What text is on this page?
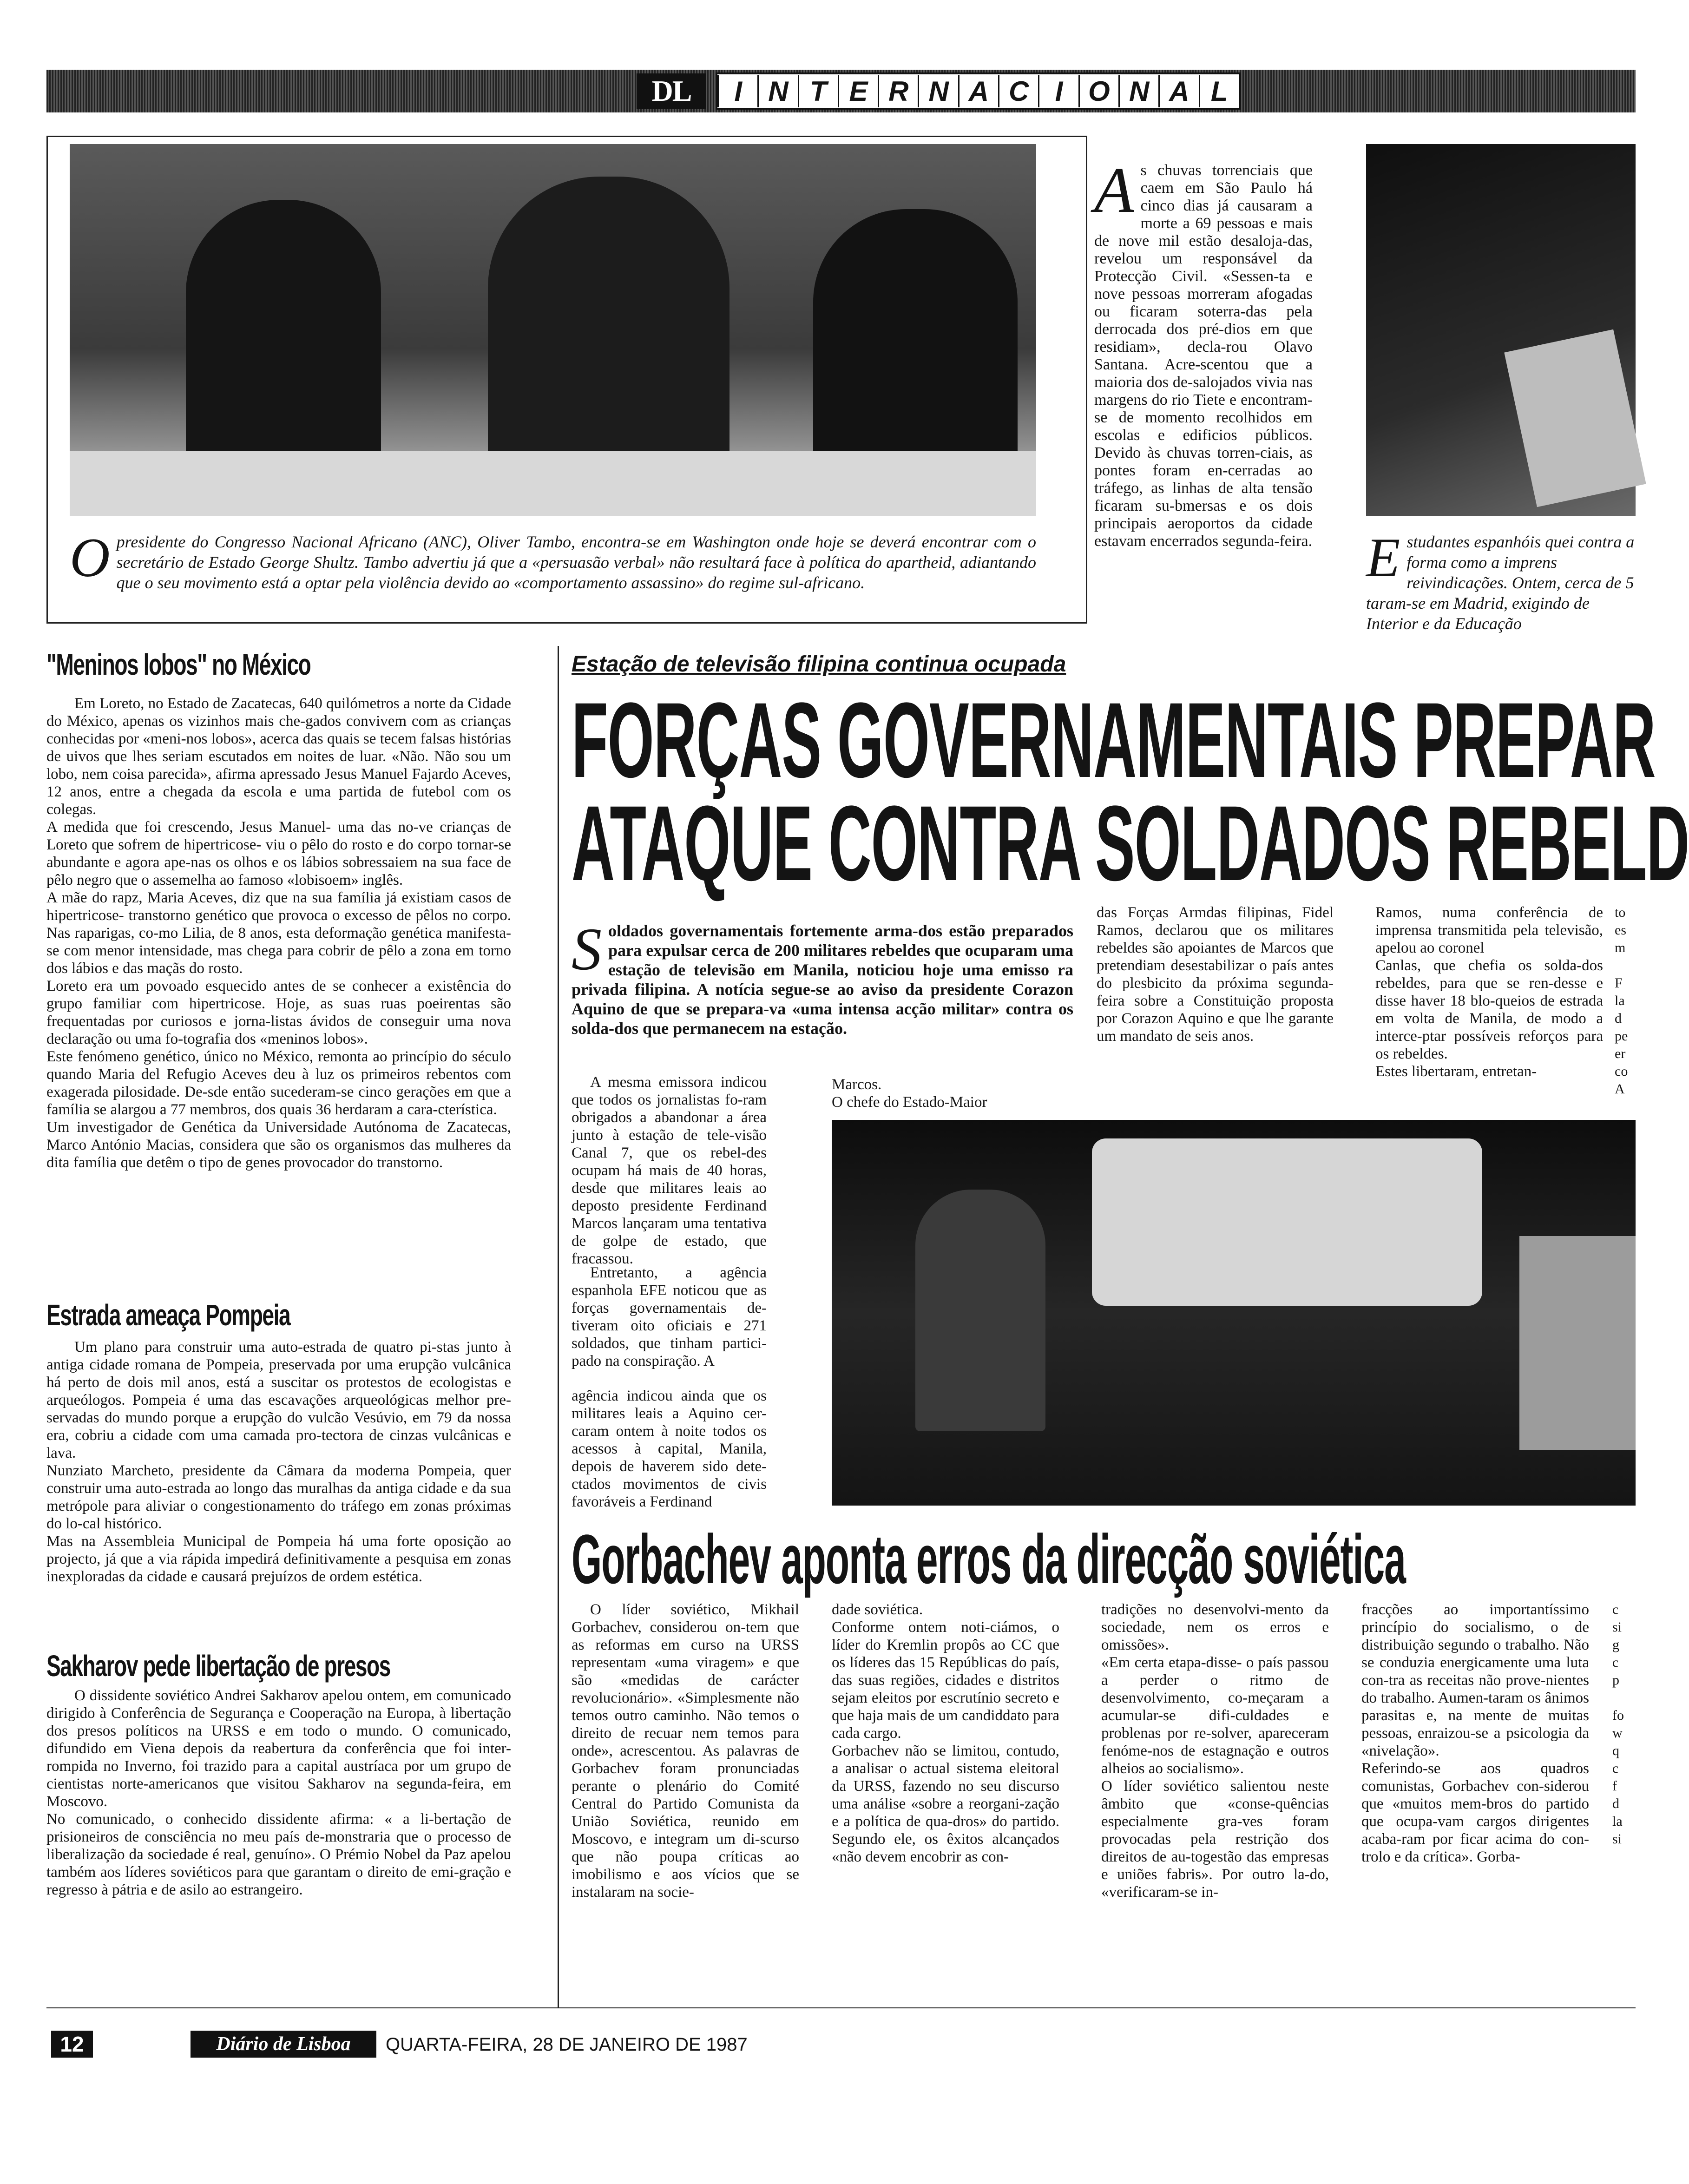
DL	I N T E R N A C I O N A L

Opresidente do Congresso Nacional Africano (ANC), Oliver Tambo, encontra-se em Washington onde hoje se deverá encontrar com o secretário de Estado George Shultz. Tambo advertiu já que a «persuasão verbal» não resultará face à política do apartheid, adiantando que o seu movimento está a optar pela violência devido ao «comportamento assassino» do regime sul-africano.

As chuvas torrenciais que caem em São Paulo há cinco dias já causaram a morte a 69 pessoas e mais de nove mil estão desaloja-das, revelou um responsável da Protecção Civil. «Sessen-ta e nove pessoas morreram afogadas ou ficaram soterra-das pela derrocada dos pré-dios em que residiam», decla-rou Olavo Santana. Acre-scentou que a maioria dos de-salojados vivia nas margens do rio Tiete e encontram-se de momento recolhidos em escolas e edificios públicos. Devido às chuvas torren-ciais, as pontes foram en-cerradas ao tráfego, as linhas de alta tensão ficaram su-bmersas e os dois principais aeroportos da cidade estavam encerrados segunda-feira. Estudantes espanhóis quei contra a forma como a imprens reivindicações. Ontem, cerca de 5 taram-se em Madrid, exigindo de Interior e da Educação

"Meninos lobos" no México
Em Loreto, no Estado de Zacatecas, 640 quilómetros a norte da Cidade do México, apenas os vizinhos mais che-gados convivem com as crianças conhecidas por «meni-nos lobos», acerca das quais se tecem falsas histórias de uivos que lhes seriam escutados em noites de luar. «Não. Não sou um lobo, nem coisa parecida», afirma apressado Jesus Manuel Fajardo Aceves, 12 anos, entre a chegada da escola e uma partida de futebol com os colegas.
A medida que foi crescendo, Jesus Manuel- uma das no-ve crianças de Loreto que sofrem de hipertricose- viu o pêlo do rosto e do corpo tornar-se abundante e agora ape-nas os olhos e os lábios sobressaiem na sua face de pêlo negro que o assemelha ao famoso «lobisoem» inglês.
A mãe do rapz, Maria Aceves, diz que na sua família já existiam casos de hipertricose- transtorno genético que provoca o excesso de pêlos no corpo. Nas raparigas, co-mo Lilia, de 8 anos, esta deformação genética manifesta-se com menor intensidade, mas chega para cobrir de pêlo a zona em torno dos lábios e das maçãs do rosto.
Loreto era um povoado esquecido antes de se conhecer a existência do grupo familiar com hipertricose. Hoje, as suas ruas poeirentas são frequentadas por curiosos e jorna-listas ávidos de conseguir uma nova declaração ou uma fo-tografia dos «meninos lobos».
Este fenómeno genético, único no México, remonta ao princípio do século quando Maria del Refugio Aceves deu à luz os primeiros rebentos com exagerada pilosidade. De-sde então sucederam-se cinco gerações em que a família se alargou a 77 membros, dos quais 36 herdaram a cara-cterística.
Um investigador de Genética da Universidade Autónoma de Zacatecas, Marco António Macias, considera que são os organismos das mulheres da dita família que detêm o tipo de genes provocador do transtorno.
Estrada ameaça Pompeia
Um plano para construir uma auto-estrada de quatro pi-stas junto à antiga cidade romana de Pompeia, preservada por uma erupção vulcânica há perto de dois mil anos, está a suscitar os protestos de ecologistas e arqueólogos. Pompeia é uma das escavações arqueológicas melhor pre-servadas do mundo porque a erupção do vulcão Vesúvio, em 79 da nossa era, cobriu a cidade com uma camada pro-tectora de cinzas vulcânicas e lava.
Nunziato Marcheto, presidente da Câmara da moderna Pompeia, quer construir uma auto-estrada ao longo das muralhas da antiga cidade e da sua metrópole para aliviar o congestionamento do tráfego em zonas próximas do lo-cal histórico.
Mas na Assembleia Municipal de Pompeia há uma forte oposição ao projecto, já que a via rápida impedirá definitivamente a pesquisa em zonas inexploradas da cidade e causará prejuízos de ordem estética.
Sakharov pede libertação de presos
O dissidente soviético Andrei Sakharov apelou ontem, em comunicado dirigido à Conferência de Segurança e Cooperação na Europa, à libertação dos presos políticos na URSS e em todo o mundo. O comunicado, difundido em Viena depois da reabertura da conferência que foi inter-rompida no Inverno, foi trazido para a capital austríaca por um grupo de cientistas norte-americanos que visitou Sakharov na segunda-feira, em Moscovo.
No comunicado, o conhecido dissidente afirma: « a li-bertação de prisioneiros de consciência no meu país de-monstraria que o processo de liberalização da sociedade é real, genuíno». O Prémio Nobel da Paz apelou também aos líderes soviéticos para que garantam o direito de emi-gração e regresso à pátria e de asilo ao estrangeiro.
Estação de televisão filipina continua ocupada
FORÇAS GOVERNAMENTAIS PREPAR
ATAQUE CONTRA SOLDADOS REBELD

Soldados governamentais fortemente arma-dos estão preparados para expulsar cerca de 200 militares rebeldes que ocuparam uma estação de televisão em Manila, noticiou hoje uma emisso ra privada filipina. A notícia segue-se ao aviso da presidente Corazon Aquino de que se prepara-va «uma intensa acção militar» contra os solda-dos que permanecem na estação.

A mesma emissora indicou que todos os jornalistas fo-ram obrigados a abandonar a área junto à estação de tele-visão Canal 7, que os rebel-des ocupam há mais de 40 horas, desde que militares leais ao deposto presidente Ferdinand Marcos lançaram uma tentativa de golpe de estado, que fracassou.
Entretanto, a agência espanhola EFE noticou que as forças governamentais de-tiveram oito oficiais e 271 soldados, que tinham partici-pado na conspiração. A
agência indicou ainda que os militares leais a Aquino cer-caram ontem à noite todos os acessos à capital, Manila, depois de haverem sido dete-ctados movimentos de civis favoráveis a Ferdinand
Marcos.
O chefe do Estado-Maior
das Forças Armdas filipinas, Fidel Ramos, declarou que os militares rebeldes são apoiantes de Marcos que pretendiam desestabilizar o país antes do plesbicito da próxima segunda-feira sobre a Constituição proposta por Corazon Aquino e que lhe garante um mandato de seis anos.
Ramos, numa conferência de imprensa transmitida pela televisão, apelou ao coronel
Canlas, que chefia os solda-dos rebeldes, para que se ren-desse e disse haver 18 blo-queios de estrada em volta de Manila, de modo a interce-ptar possíveis reforços para os rebeldes.
Estes libertaram, entretan-
to
es
m

F
la
d
pe
er
co
A
Gorbachev aponta erros da direcção soviética
O líder soviético, Mikhail Gorbachev, considerou on-tem que as reformas em curso na URSS representam «uma viragem» e que são «medidas de carácter revolucionário». «Simplesmente não temos outro caminho. Não temos o direito de recuar nem temos para onde», acrescentou. As palavras de Gorbachev foram pronunciadas perante o plenário do Comité Central do Partido Comunista da União Soviética, reunido em Moscovo, e integram um di-scurso que não poupa críticas ao imobilismo e aos vícios que se instalaram na socie-
dade soviética.
Conforme ontem noti-ciámos, o líder do Kremlin propôs ao CC que os líderes das 15 Repúblicas do país, das suas regiões, cidades e distritos sejam eleitos por escrutínio secreto e que haja mais de um candiddato para cada cargo.
Gorbachev não se limitou, contudo, a analisar o actual sistema eleitoral da URSS, fazendo no seu discurso uma análise «sobre a reorgani-zação e a política de qua-dros» do partido. Segundo ele, os êxitos alcançados «não devem encobrir as con-
tradições no desenvolvi-mento da sociedade, nem os erros e omissões».
«Em certa etapa-disse- o país passou a perder o ritmo de desenvolvimento, co-meçaram a acumular-se difi-culdades e problenas por re-solver, apareceram fenóme-nos de estagnação e outros alheios ao socialismo».
O líder soviético salientou neste âmbito que «conse-quências especialmente gra-ves foram provocadas pela restrição dos direitos de au-togestão das empresas e uniões fabris». Por outro la-do, «verificaram-se in-
fracções ao importantíssimo princípio do socialismo, o de distribuição segundo o trabalho. Não se conduzia energicamente uma luta con-tra as receitas não prove-nientes do trabalho. Aumen-taram os ânimos parasitas e, na mente de muitas pessoas, enraizou-se a psicologia da «nivelação».
Referindo-se aos quadros comunistas, Gorbachev con-siderou que «muitos mem-bros do partido que ocupa-vam cargos dirigentes acaba-ram por ficar acima do con-trolo e da crítica». Gorba-
c
si
g
c
p

fo
w
q
c
f
d
la
si
12	Diário de Lisboa	QUARTA-FEIRA, 28 DE JANEIRO DE 1987
